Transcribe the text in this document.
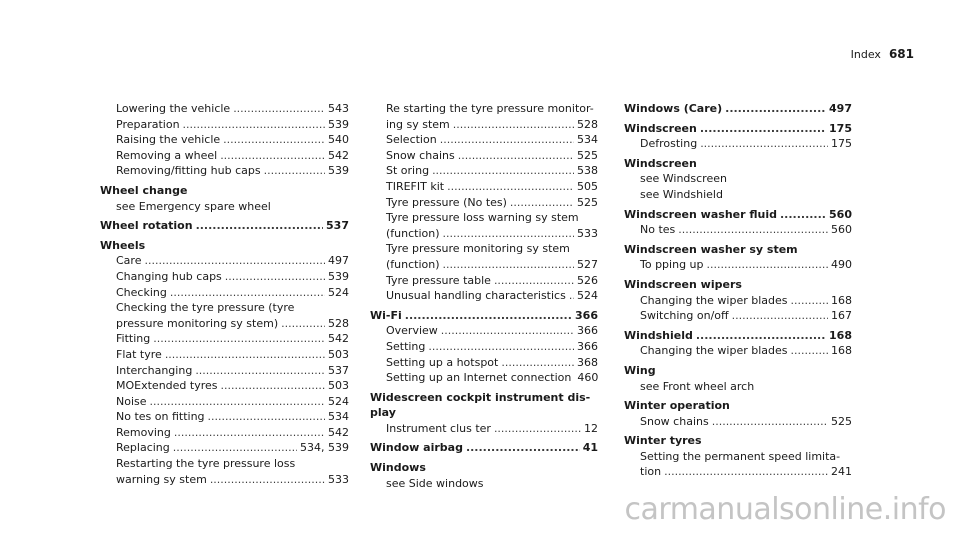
Index 681
Lowering the vehicle .....	543
Preparation .....	539
Raising the vehicle .....	540
Removing a wheel .....	542
Removing/fitting hub caps .....	539
Wheel change
see Emergency spare wheel
Wheel rotation .....	537
Wheels
Care .....	497
Changing hub caps .....	539
Checking .....	524
Checking the tyre pressure (tyre
pressure monitoring sy stem) .....	528
Fitting .....	542
Flat tyre .....	503
Interchanging .....	537
MOExtended tyres .....	503
Noise .....	524
No tes on fitting .....	534
Removing .....	542
Replacing .....	534, 539
Restarting the tyre pressure loss
warning sy stem .....	533
Re starting the tyre pressure monitor-
ing sy stem .....	528
Selection .....	534
Snow chains .....	525
St oring .....	538
TIREFIT kit .....	505
Tyre pressure (No tes) .....	525
Tyre pressure loss warning sy stem
(function) .....	533
Tyre pressure monitoring sy stem
(function) .....	527
Tyre pressure table .....	526
Unusual handling characteristics ..... 524
Wi-Fi .....	366
Overview .....	366
Setting .....	366
Setting up a hotspot .....	368
Setting up an Internet connection 460
Widescreen cockpit instrument dis-
play
Instrument clus ter .....	12
Window airbag .....	41
Windows
see Side windows
Windows (Care) .....	497
Windscreen .....	175
Defrosting .....	175
Windscreen
see Windscreen
see Windshield
Windscreen washer fluid .....	560
No tes .....	560
Windscreen washer sy stem
To pping up .....	490
Windscreen wipers
Changing the wiper blades .....	168
Switching on/off .....	167
Windshield .....	168
Changing the wiper blades .....	168
Wing
see Front wheel arch
Winter operation
Snow chains .....	525
Winter tyres
Setting the permanent speed limita-
tion .....	241
carmanualsonline.info
